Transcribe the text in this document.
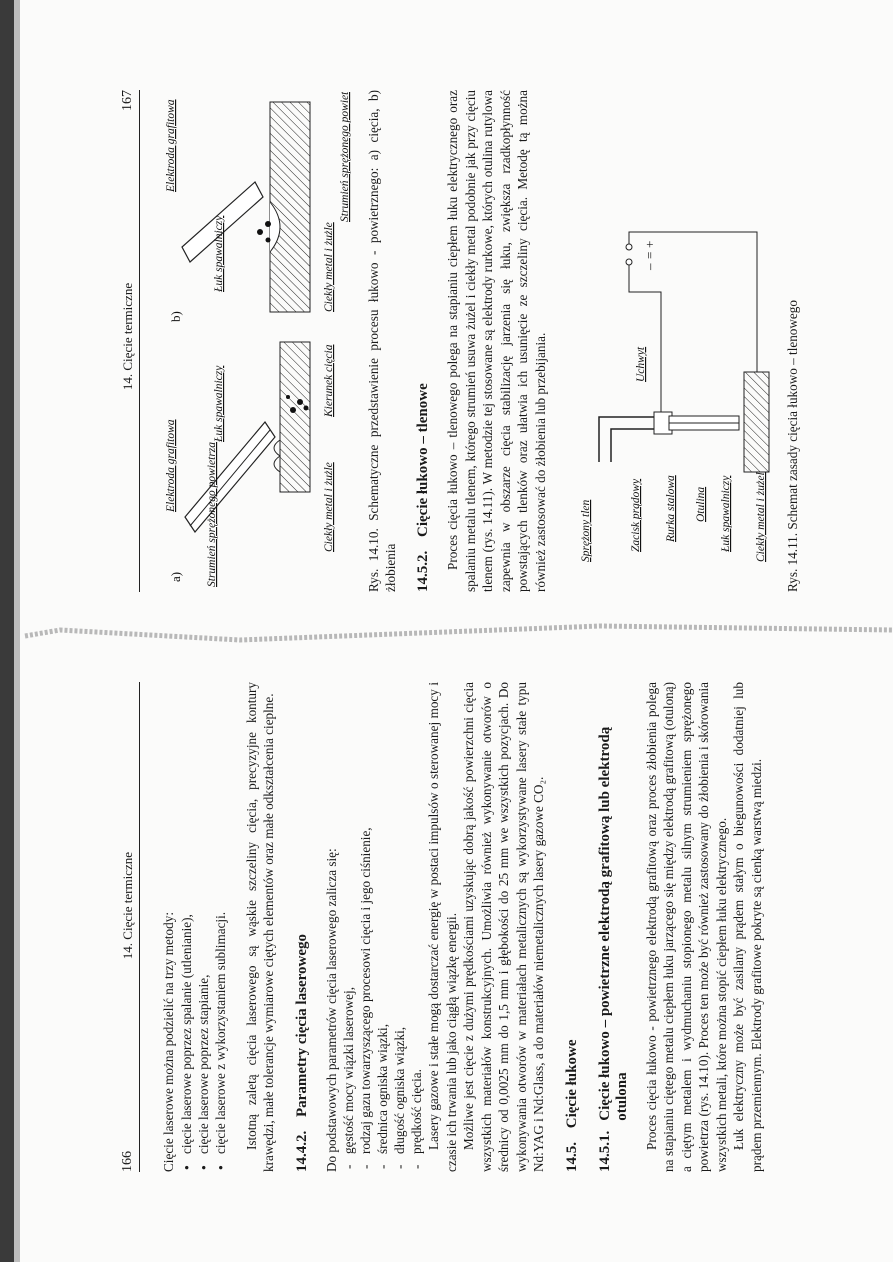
166
14. Cięcie termiczne

Cięcie laserowe można podzielić na trzy metody: ● cięcie laserowe poprzez spalanie (utlenianie), ● cięcie laserowe poprzez stapianie, ● cięcie laserowe z wykorzystaniem sublimacji. Istotną zaletą cięcia laserowego są wąskie szczeliny cięcia, precyzyjne kontury krawędzi, małe tolerancje wymiarowe ciętych elementów oraz małe odkształcenia cieplne. 14.4.2. Parametry cięcia laserowego Do podstawowych parametrów cięcia laserowego zalicza się: - gęstość mocy wiązki laserowej, - rodzaj gazu towarzyszącego procesowi cięcia i jego ciśnienie, - średnica ogniska wiązki, - długość ogniska wiązki, - prędkość cięcia. Lasery gazowe i stałe mogą dostarczać energię w postaci impulsów o sterowanej mocy i czasie ich trwania lub jako ciągłą wiązkę energii. Możliwe jest cięcie z dużymi prędkościami uzyskując dobrą jakość powierzchni cięcia wszystkich materiałów konstrukcyjnych. Umożliwia również wykonywanie otworów o średnicy od 0,0025 mm do 1,5 mm i głębokości do 25 mm we wszystkich pozycjach. Do wykonywania otworów w materiałach metalicznych są wykorzystywane lasery stałe typu Nd:YAG i Nd:Glass, a do materiałów niemetalicznych lasery gazowe CO₂. 14.5. Cięcie łukowe
14.5.1.
Cięcie łukowo – powietrzne elektrodą grafitową lub elektrodą otulona Proces cięcia łukowo - powietrznego elektrodą grafitową oraz proces żłobienia polega na stapianiu ciętego metalu ciepłem łuku jarzącego się między elektrodą grafitową (otuloną) a ciętym metalem i wydmuchaniu stopionego metalu silnym strumieniem sprężonego powietrza (rys. 14.10). Proces ten może być również zastosowany do żłobienia i skórowania wszystkich metali, które można stopić ciepłem łuku elektrycznego. Łuk elektryczny może być zasilany prądem stałym o biegunowości dodatniej lub prądem przemiennym. Elektrody grafitowe pokryte są cienką warstwą miedzi.

14. Cięcie termiczne
167
a)
Elektroda grafitowa
Łuk spawalniczy
Strumień sprężonego powietrza	Ciekły metal i żużle
Kierunek cięcia
b)
Elektroda grafitowa
Łuk spawalniczy	Ciekły metal i żużle
Strumień sprężonego powietrza Rys. 14.10. Schematyczne przedstawienie procesu łukowo - powietrznego: a) cięcia, b) żłobienia 14.5.2. Cięcie łukowo – tlenowe Proces cięcia łukowo – tlenowego polega na stapianiu ciepłem łuku elektrycznego oraz spalaniu metalu tlenem, którego strumień usuwa żużel i ciekły metal podobnie jak przy cięciu tlenem (rys. 14.11). W metodzie tej stosowane są elektrody rurkowe, których otulina rutylowa zapewnia w obszarze cięcia stabilizację jarzenia się łuku, zwiększa rzadkopłynność powstających tlenków oraz ułatwia ich usunięcie ze szczeliny cięcia. Metodę tą można również zastosować do żłobienia lub przebijania.	Sprężony tlen	Zacisk prądowy Rurka stalowa Otulina Łuk spawalniczy Ciekły metal i żużel
Uchwyt
–
=
+

Rys. 14.11. Schemat zasady cięcia łukowo – tlenowego
